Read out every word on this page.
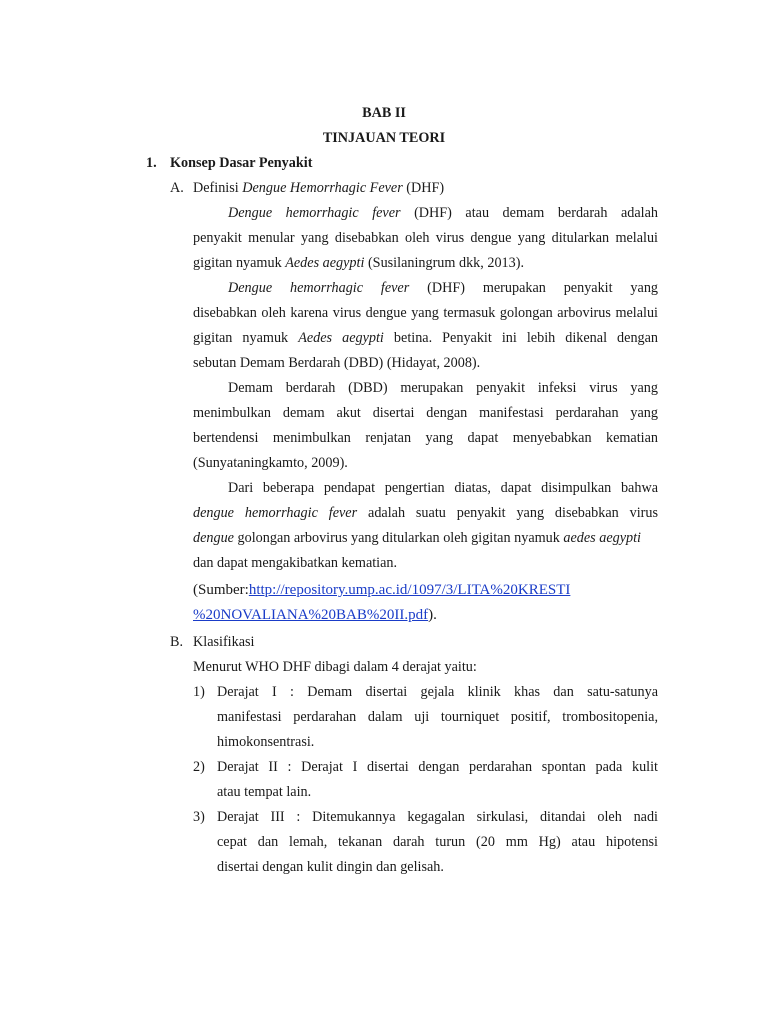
BAB II
TINJAUAN TEORI
1. Konsep Dasar Penyakit
A. Definisi Dengue Hemorrhagic Fever (DHF)
Dengue hemorrhagic fever (DHF) atau demam berdarah adalah
penyakit menular yang disebabkan oleh virus dengue yang ditularkan melalui
gigitan nyamuk Aedes aegypti (Susilaningrum dkk, 2013).
Dengue hemorrhagic fever (DHF) merupakan penyakit yang
disebabkan oleh karena virus dengue yang termasuk golongan arbovirus melalui
gigitan nyamuk Aedes aegypti betina. Penyakit ini lebih dikenal dengan
sebutan Demam Berdarah (DBD) (Hidayat, 2008).
Demam berdarah (DBD) merupakan penyakit infeksi virus yang
menimbulkan demam akut disertai dengan manifestasi perdarahan yang
bertendensi menimbulkan renjatan yang dapat menyebabkan kematian
(Sunyataningkamto, 2009).
Dari beberapa pendapat pengertian diatas, dapat disimpulkan bahwa
dengue hemorrhagic fever adalah suatu penyakit yang disebabkan virus
dengue golongan arbovirus yang ditularkan oleh gigitan nyamuk aedes aegypti
dan dapat mengakibatkan kematian.
(Sumber:http://repository.ump.ac.id/1097/3/LITA%20KRESTI
%20NOVALIANA%20BAB%20II.pdf).
B. Klasifikasi
Menurut WHO DHF dibagi dalam 4 derajat yaitu:
1) Derajat I : Demam disertai gejala klinik khas dan satu-satunya
manifestasi perdarahan dalam uji tourniquet positif, trombositopenia,
himokonsentrasi.
2) Derajat II : Derajat I disertai dengan perdarahan spontan pada kulit
atau tempat lain.
3) Derajat III : Ditemukannya kegagalan sirkulasi, ditandai oleh nadi
cepat dan lemah, tekanan darah turun (20 mm Hg) atau hipotensi
disertai dengan kulit dingin dan gelisah.
